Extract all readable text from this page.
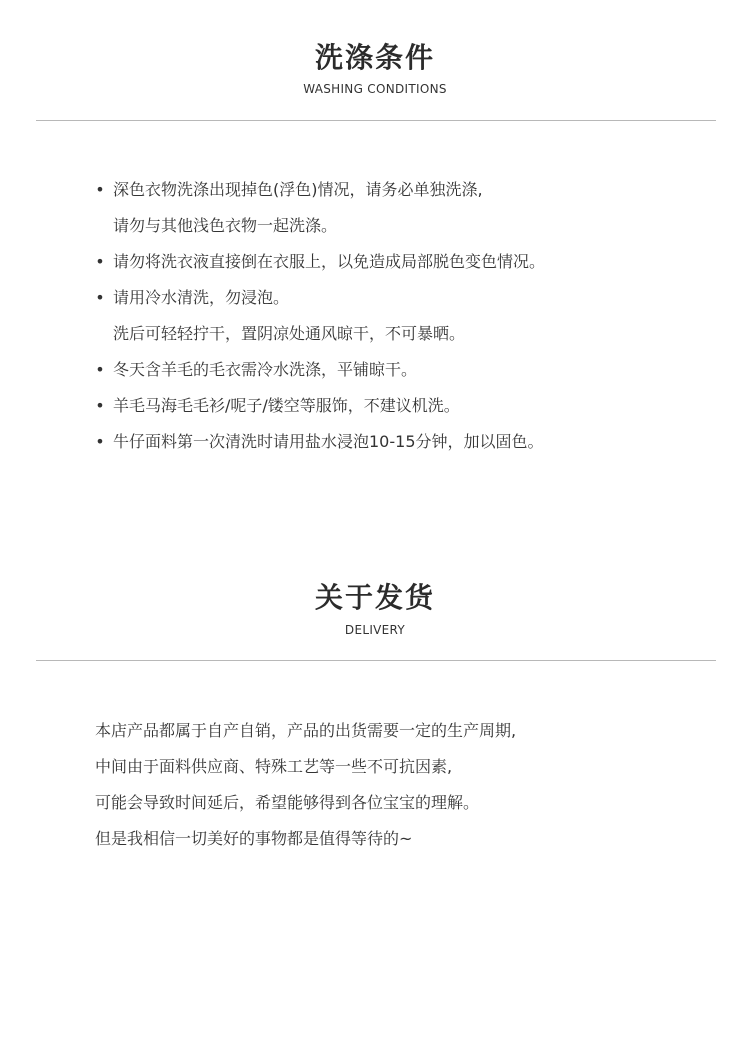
洗涤条件
WASHING CONDITIONS
• 深色衣物洗涤出现掉色(浮色)情况，请务必单独洗涤,
请勿与其他浅色衣物一起洗涤。
• 请勿将洗衣液直接倒在衣服上，以免造成局部脱色变色情况。
• 请用冷水清洗，勿浸泡。
洗后可轻轻拧干，置阴凉处通风晾干，不可暴晒。
• 冬天含羊毛的毛衣需冷水洗涤，平铺晾干。
• 羊毛马海毛毛衫/呢子/镂空等服饰，不建议机洗。
• 牛仔面料第一次清洗时请用盐水浸泡10-15分钟，加以固色。
关于发货
DELIVERY
本店产品都属于自产自销，产品的出货需要一定的生产周期,
中间由于面料供应商、特殊工艺等一些不可抗因素,
可能会导致时间延后，希望能够得到各位宝宝的理解。
但是我相信一切美好的事物都是值得等待的~
